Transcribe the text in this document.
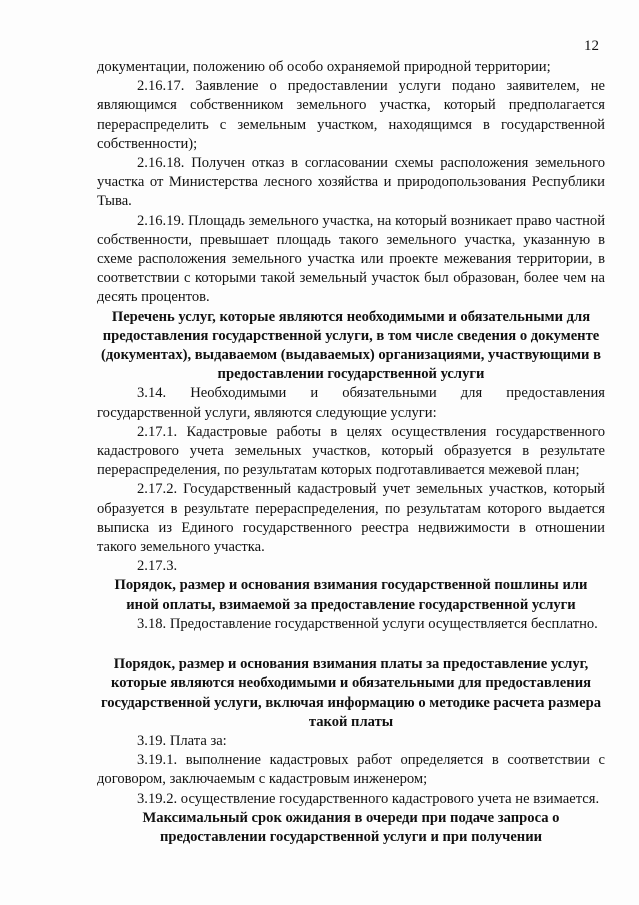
12

документации, положению об особо охраняемой природной территории;

2.16.17. Заявление о предоставлении услуги подано заявителем, не являющимся собственником земельного участка, который предполагается перераспределить с земельным участком, находящимся в государственной собственности);

2.16.18. Получен отказ в согласовании схемы расположения земельного участка от Министерства лесного хозяйства и природопользования Республики Тыва.

2.16.19. Площадь земельного участка, на который возникает право частной собственности, превышает площадь такого земельного участка, указанную в схеме расположения земельного участка или проекте межевания территории, в соответствии с которыми такой земельный участок был образован, более чем на десять процентов.

Перечень услуг, которые являются необходимыми и обязательными для предоставления государственной услуги, в том числе сведения о документе (документах), выдаваемом (выдаваемых) организациями, участвующими в предоставлении государственной услуги

3.14. Необходимыми и обязательными для предоставления государственной услуги, являются следующие услуги:

2.17.1. Кадастровые работы в целях осуществления государственного кадастрового учета земельных участков, который образуется в результате перераспределения, по результатам которых подготавливается межевой план;

2.17.2. Государственный кадастровый учет земельных участков, который образуется в результате перераспределения, по результатам которого выдается выписка из Единого государственного реестра недвижимости в отношении такого земельного участка.

2.17.3.

Порядок, размер и основания взимания государственной пошлины или иной оплаты, взимаемой за предоставление государственной услуги

3.18. Предоставление государственной услуги осуществляется бесплатно.

Порядок, размер и основания взимания платы за предоставление услуг, которые являются необходимыми и обязательными для предоставления государственной услуги, включая информацию о методике расчета размера такой платы

3.19. Плата за:

3.19.1. выполнение кадастровых работ определяется в соответствии с договором, заключаемым с кадастровым инженером;

3.19.2. осуществление государственного кадастрового учета не взимается.

Максимальный срок ожидания в очереди при подаче запроса о предоставлении государственной услуги и при получении
